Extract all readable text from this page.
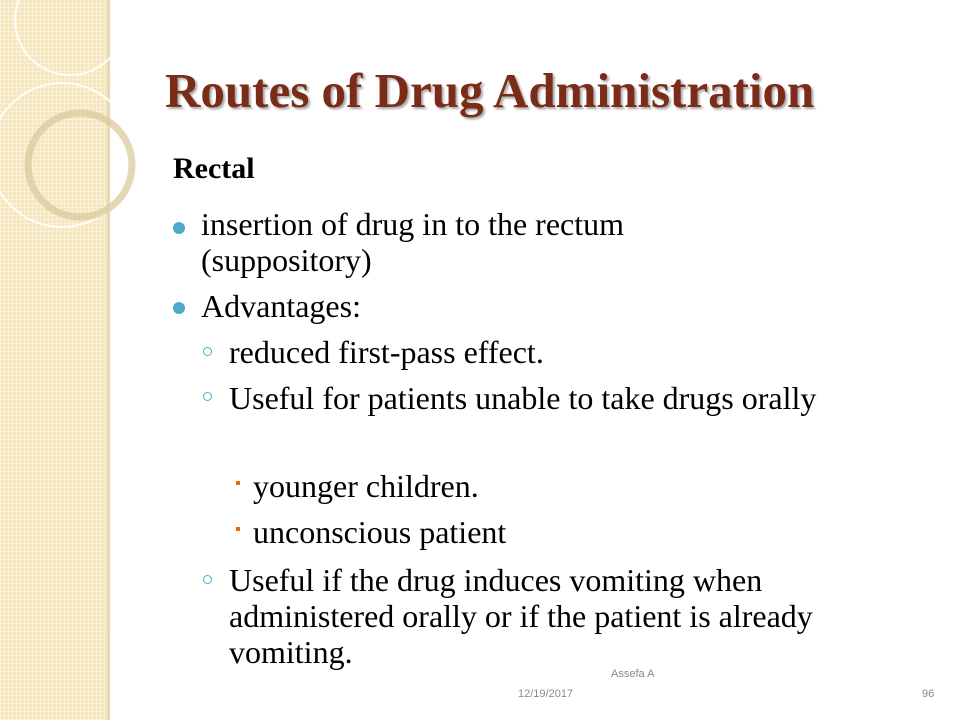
Routes of Drug Administration
Rectal
insertion of drug in to the rectum (suppository)
Advantages:
reduced first-pass effect.
Useful for patients unable to take drugs orally
younger children.
unconscious patient
Useful if the drug induces vomiting when administered orally or if the patient is already vomiting.
Assefa A
12/19/2017	96
